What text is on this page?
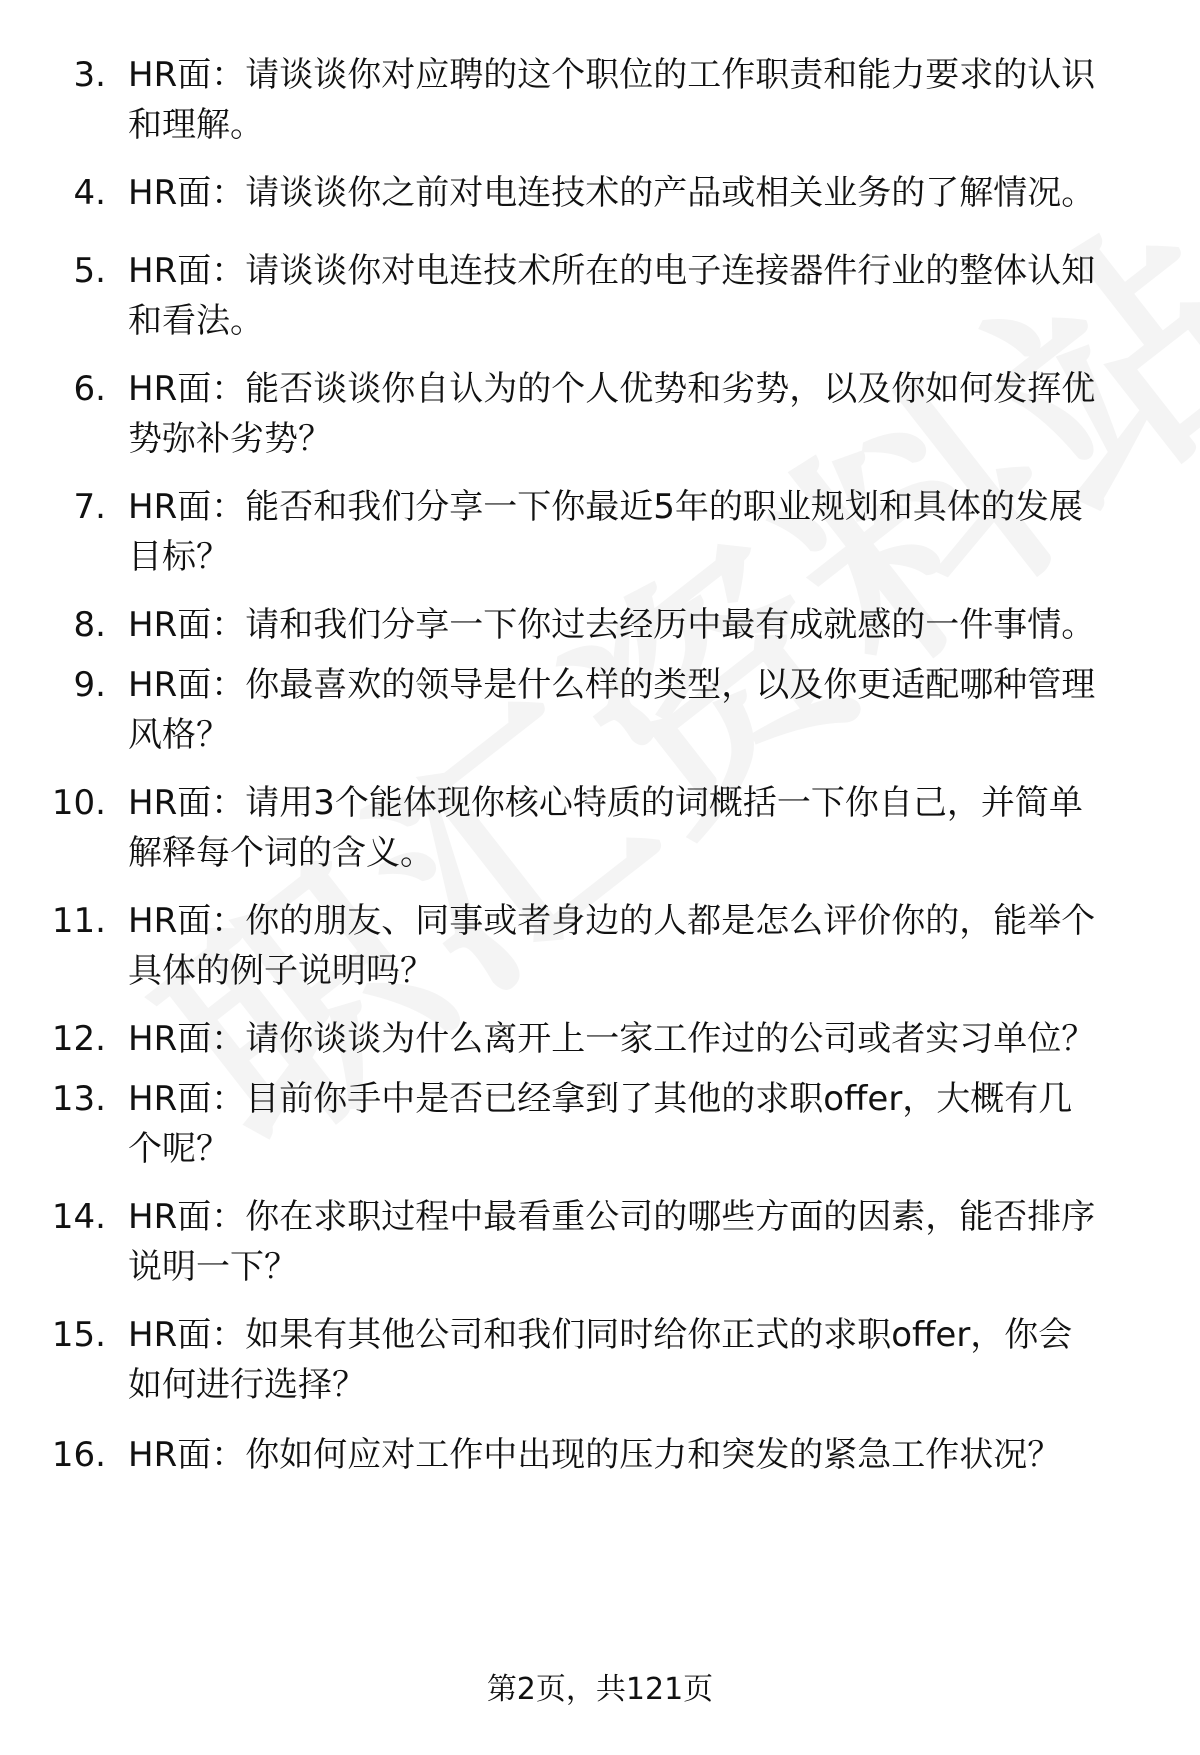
3. HR面：请谈谈你对应聘的这个职位的工作职责和能力要求的认识
和理解。
4. HR面：请谈谈你之前对电连技术的产品或相关业务的了解情况。
5. HR面：请谈谈你对电连技术所在的电子连接器件行业的整体认知
和看法。
6. HR面：能否谈谈你自认为的个人优势和劣势，以及你如何发挥优
势弥补劣势？
7. HR面：能否和我们分享一下你最近5年的职业规划和具体的发展
目标？
8. HR面：请和我们分享一下你过去经历中最有成就感的一件事情。
9. HR面：你最喜欢的领导是什么样的类型，以及你更适配哪种管理
风格？
10. HR面：请用3个能体现你核心特质的词概括一下你自己，并简单
解释每个词的含义。
11. HR面：你的朋友、同事或者身边的人都是怎么评价你的，能举个
具体的例子说明吗？
12. HR面：请你谈谈为什么离开上一家工作过的公司或者实习单位？
13. HR面：目前你手中是否已经拿到了其他的求职offer，大概有几
个呢？
14. HR面：你在求职过程中最看重公司的哪些方面的因素，能否排序
说明一下？
15. HR面：如果有其他公司和我们同时给你正式的求职offer，你会
如何进行选择？
16. HR面：你如何应对工作中出现的压力和突发的紧急工作状况？
第2页，共121页
